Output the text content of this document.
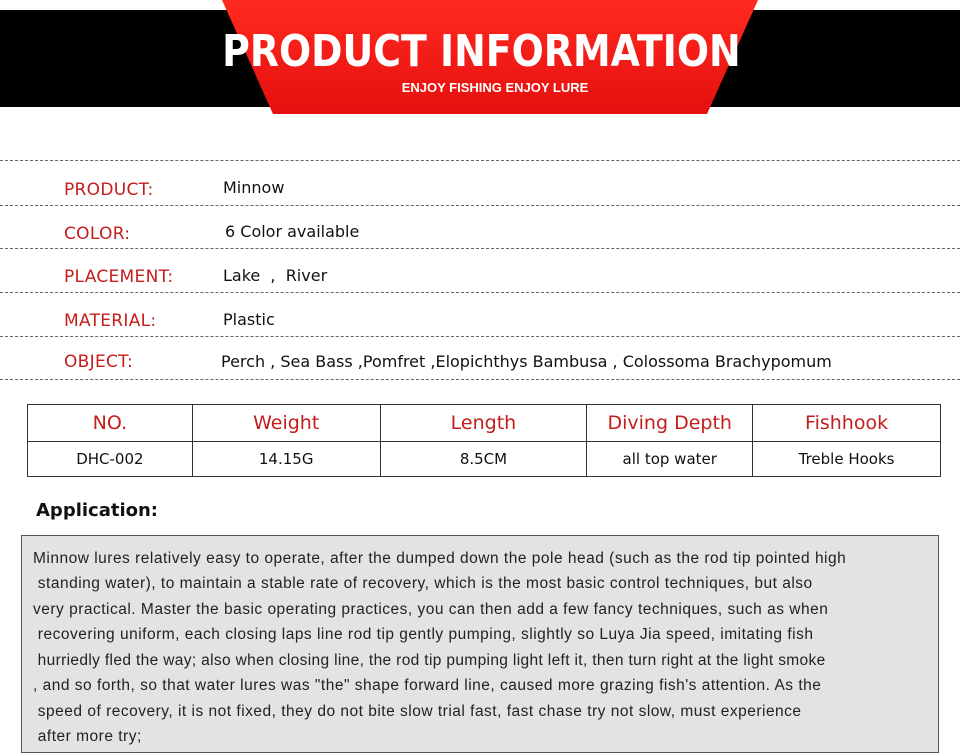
PRODUCT INFORMATION
ENJOY FISHING ENJOY LURE
PRODUCT:	Minnow
COLOR:	6 Color available
PLACEMENT:	Lake  ,  River
MATERIAL:	Plastic
OBJECT:	Perch , Sea Bass ,Pomfret ,Elopichthys Bambusa , Colossoma Brachypomum
NO.	Weight	Length	Diving Depth	Fishhook
DHC-002	14.15G	8.5CM	all top water	Treble Hooks
Application:
Minnow lures relatively easy to operate, after the dumped down the pole head (such as the rod tip pointed high
standing water), to maintain a stable rate of recovery, which is the most basic control techniques, but also
very practical. Master the basic operating practices, you can then add a few fancy techniques, such as when
recovering uniform, each closing laps line rod tip gently pumping, slightly so Luya Jia speed, imitating fish
hurriedly fled the way; also when closing line, the rod tip pumping light left it, then turn right at the light smoke
, and so forth, so that water lures was "the" shape forward line, caused more grazing fish's attention. As the
speed of recovery, it is not fixed, they do not bite slow trial fast, fast chase try not slow, must experience
after more try;
